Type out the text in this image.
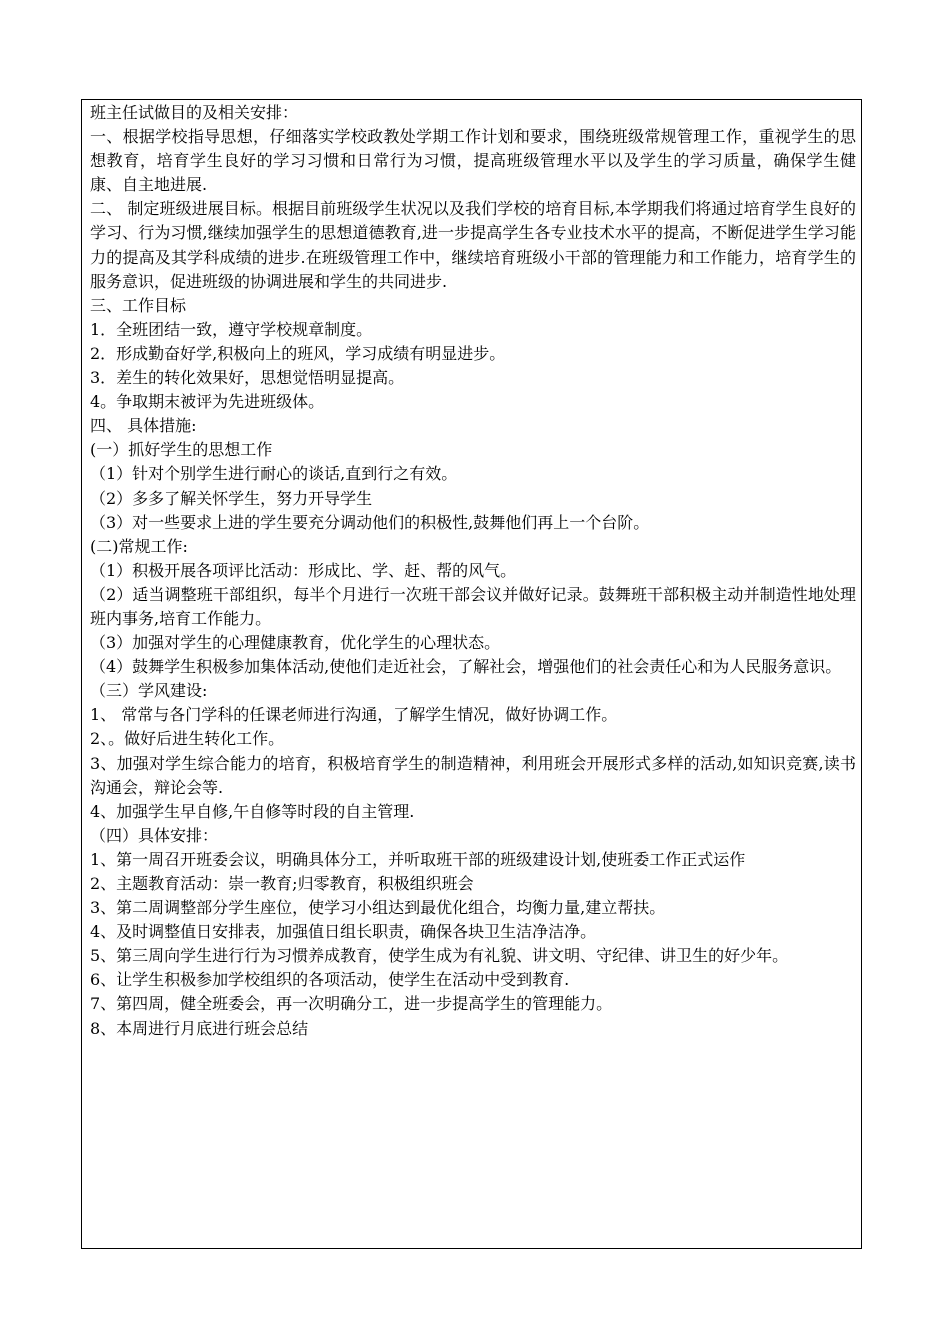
班主任试做目的及相关安排：
一、根据学校指导思想，仔细落实学校政教处学期工作计划和要求，围绕班级常规管理工作，重视学生的思想教育，培育学生良好的学习习惯和日常行为习惯，提高班级管理水平以及学生的学习质量，确保学生健康、自主地进展.
二、 制定班级进展目标。根据目前班级学生状况以及我们学校的培育目标,本学期我们将通过培育学生良好的学习、行为习惯,继续加强学生的思想道德教育,进一步提高学生各专业技术水平的提高，不断促进学生学习能力的提高及其学科成绩的进步.在班级管理工作中，继续培育班级小干部的管理能力和工作能力，培育学生的服务意识，促进班级的协调进展和学生的共同进步.
三、工作目标
1．全班团结一致，遵守学校规章制度。
2．形成勤奋好学,积极向上的班风，学习成绩有明显进步。
3．差生的转化效果好，思想觉悟明显提高。
4。争取期末被评为先进班级体。
四、 具体措施:
(一）抓好学生的思想工作
（1）针对个别学生进行耐心的谈话,直到行之有效。
（2）多多了解关怀学生，努力开导学生
（3）对一些要求上进的学生要充分调动他们的积极性,鼓舞他们再上一个台阶。
(二)常规工作:
（1）积极开展各项评比活动：形成比、学、赶、帮的风气。
（2）适当调整班干部组织，每半个月进行一次班干部会议并做好记录。鼓舞班干部积极主动并制造性地处理班内事务,培育工作能力。
（3）加强对学生的心理健康教育，优化学生的心理状态。
（4）鼓舞学生积极参加集体活动,使他们走近社会，了解社会，增强他们的社会责任心和为人民服务意识。
（三）学风建设:
1、 常常与各门学科的任课老师进行沟通，了解学生情况，做好协调工作。
2、。做好后进生转化工作。
3、加强对学生综合能力的培育，积极培育学生的制造精神，利用班会开展形式多样的活动,如知识竞赛,读书沟通会，辩论会等.
4、加强学生早自修,午自修等时段的自主管理.
（四）具体安排：
1、第一周召开班委会议，明确具体分工，并听取班干部的班级建设计划,使班委工作正式运作
2、主题教育活动：崇一教育;归零教育，积极组织班会
3、第二周调整部分学生座位，使学习小组达到最优化组合，均衡力量,建立帮扶。
4、及时调整值日安排表，加强值日组长职责，确保各块卫生洁净洁净。
5、第三周向学生进行行为习惯养成教育，使学生成为有礼貌、讲文明、守纪律、讲卫生的好少年。
6、让学生积极参加学校组织的各项活动，使学生在活动中受到教育.
7、第四周，健全班委会，再一次明确分工，进一步提高学生的管理能力。
8、本周进行月底进行班会总结
